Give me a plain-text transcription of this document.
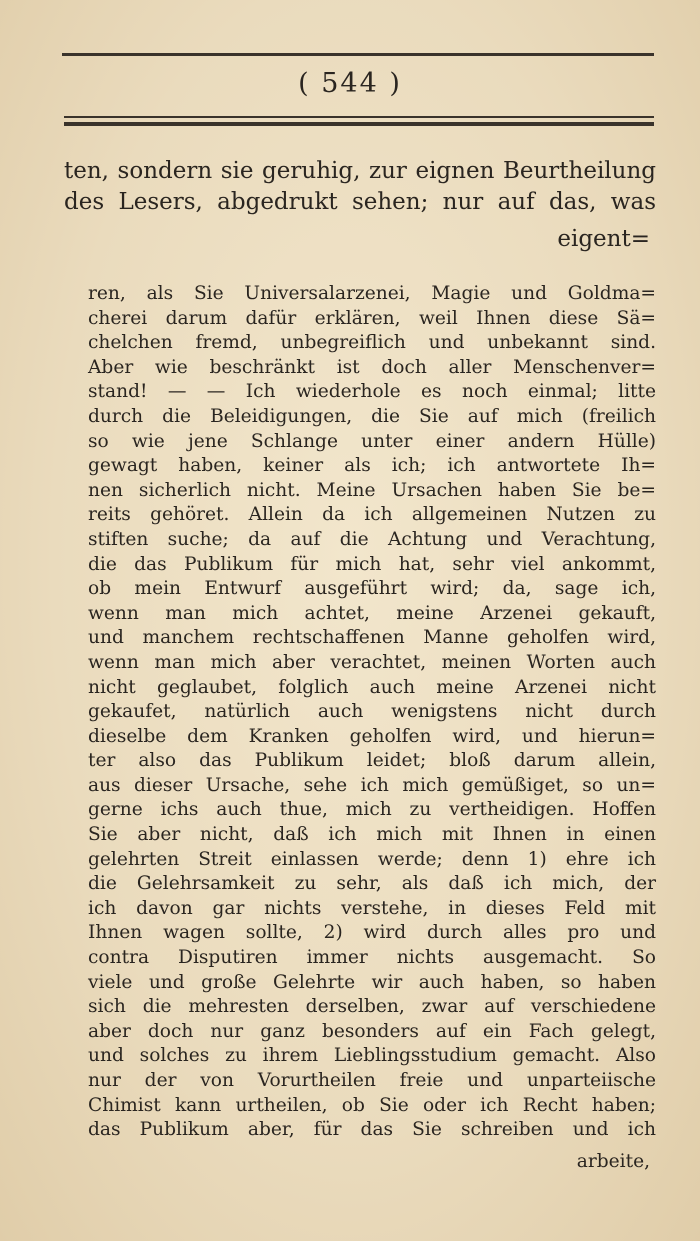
( 544 )
ten, sondern sie geruhig, zur eignen Beurtheilung
des Lesers, abgedrukt sehen; nur auf das, was
eigent=
ren, als Sie Universalarzenei, Magie und Goldma=
cherei darum dafür erklären, weil Ihnen diese Sä=
chelchen fremd, unbegreiflich und unbekannt sind.
Aber wie beschränkt ist doch aller Menschenver=
stand! — — Ich wiederhole es noch einmal; litte
durch die Beleidigungen, die Sie auf mich (freilich
so wie jene Schlange unter einer andern Hülle)
gewagt haben, keiner als ich; ich antwortete Ih=
nen sicherlich nicht. Meine Ursachen haben Sie be=
reits gehöret. Allein da ich allgemeinen Nutzen zu
stiften suche; da auf die Achtung und Verachtung,
die das Publikum für mich hat, sehr viel ankommt,
ob mein Entwurf ausgeführt wird; da, sage ich,
wenn man mich achtet, meine Arzenei gekauft,
und manchem rechtschaffenen Manne geholfen wird,
wenn man mich aber verachtet, meinen Worten auch
nicht geglaubet, folglich auch meine Arzenei nicht
gekaufet, natürlich auch wenigstens nicht durch
dieselbe dem Kranken geholfen wird, und hierun=
ter also das Publikum leidet; bloß darum allein,
aus dieser Ursache, sehe ich mich gemüßiget, so un=
gerne ichs auch thue, mich zu vertheidigen. Hoffen
Sie aber nicht, daß ich mich mit Ihnen in einen
gelehrten Streit einlassen werde; denn 1) ehre ich
die Gelehrsamkeit zu sehr, als daß ich mich, der
ich davon gar nichts verstehe, in dieses Feld mit
Ihnen wagen sollte, 2) wird durch alles pro und
contra Disputiren immer nichts ausgemacht. So
viele und große Gelehrte wir auch haben, so haben
sich die mehresten derselben, zwar auf verschiedene
aber doch nur ganz besonders auf ein Fach gelegt,
und solches zu ihrem Lieblingsstudium gemacht. Also
nur der von Vorurtheilen freie und unparteiische
Chimist kann urtheilen, ob Sie oder ich Recht haben;
das Publikum aber, für das Sie schreiben und ich
arbeite,
